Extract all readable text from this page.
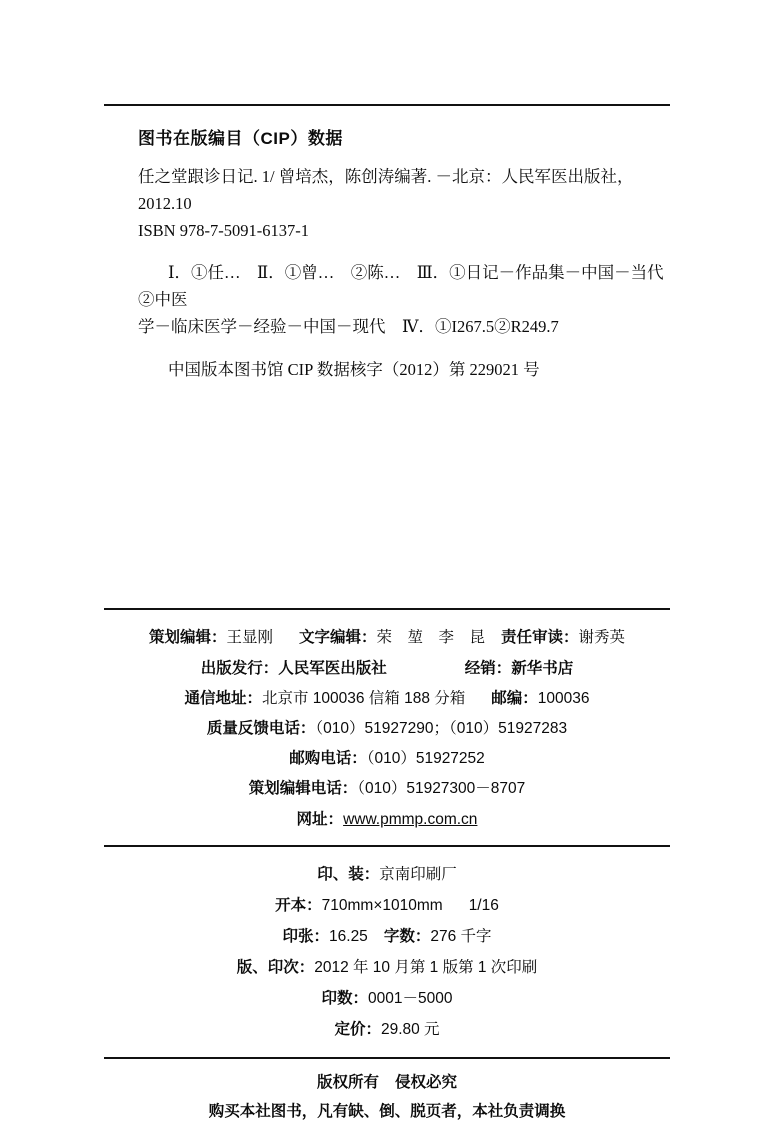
图书在版编目（CIP）数据
任之堂跟诊日记. 1/ 曾培杰，陈创涛编著. －北京：人民军医出版社，2012.10
ISBN 978-7-5091-6137-1
Ⅰ．①任…　Ⅱ．①曾…　②陈…　Ⅲ．①日记－作品集－中国－当代②中医
学－临床医学－经验－中国－现代　Ⅳ．①I267.5②R249.7
中国版本图书馆 CIP 数据核字（2012）第 229021 号
策划编辑：王显刚 文字编辑：荣　堃　李　昆 责任审读：谢秀英
出版发行：人民军医出版社	经销：新华书店
通信地址：北京市 100036 信箱 188 分箱 邮编：100036
质量反馈电话：（010）51927290；（010）51927283
邮购电话：（010）51927252
策划编辑电话：（010）51927300－8707
网址：www.pmmp.com.cn
印、装：京南印刷厂
开本：710mm×1010mm 1/16
印张：16.25 字数：276 千字
版、印次：2012 年 10 月第 1 版第 1 次印刷
印数：0001－5000
定价：29.80 元
版权所有 侵权必究
购买本社图书，凡有缺、倒、脱页者，本社负责调换
